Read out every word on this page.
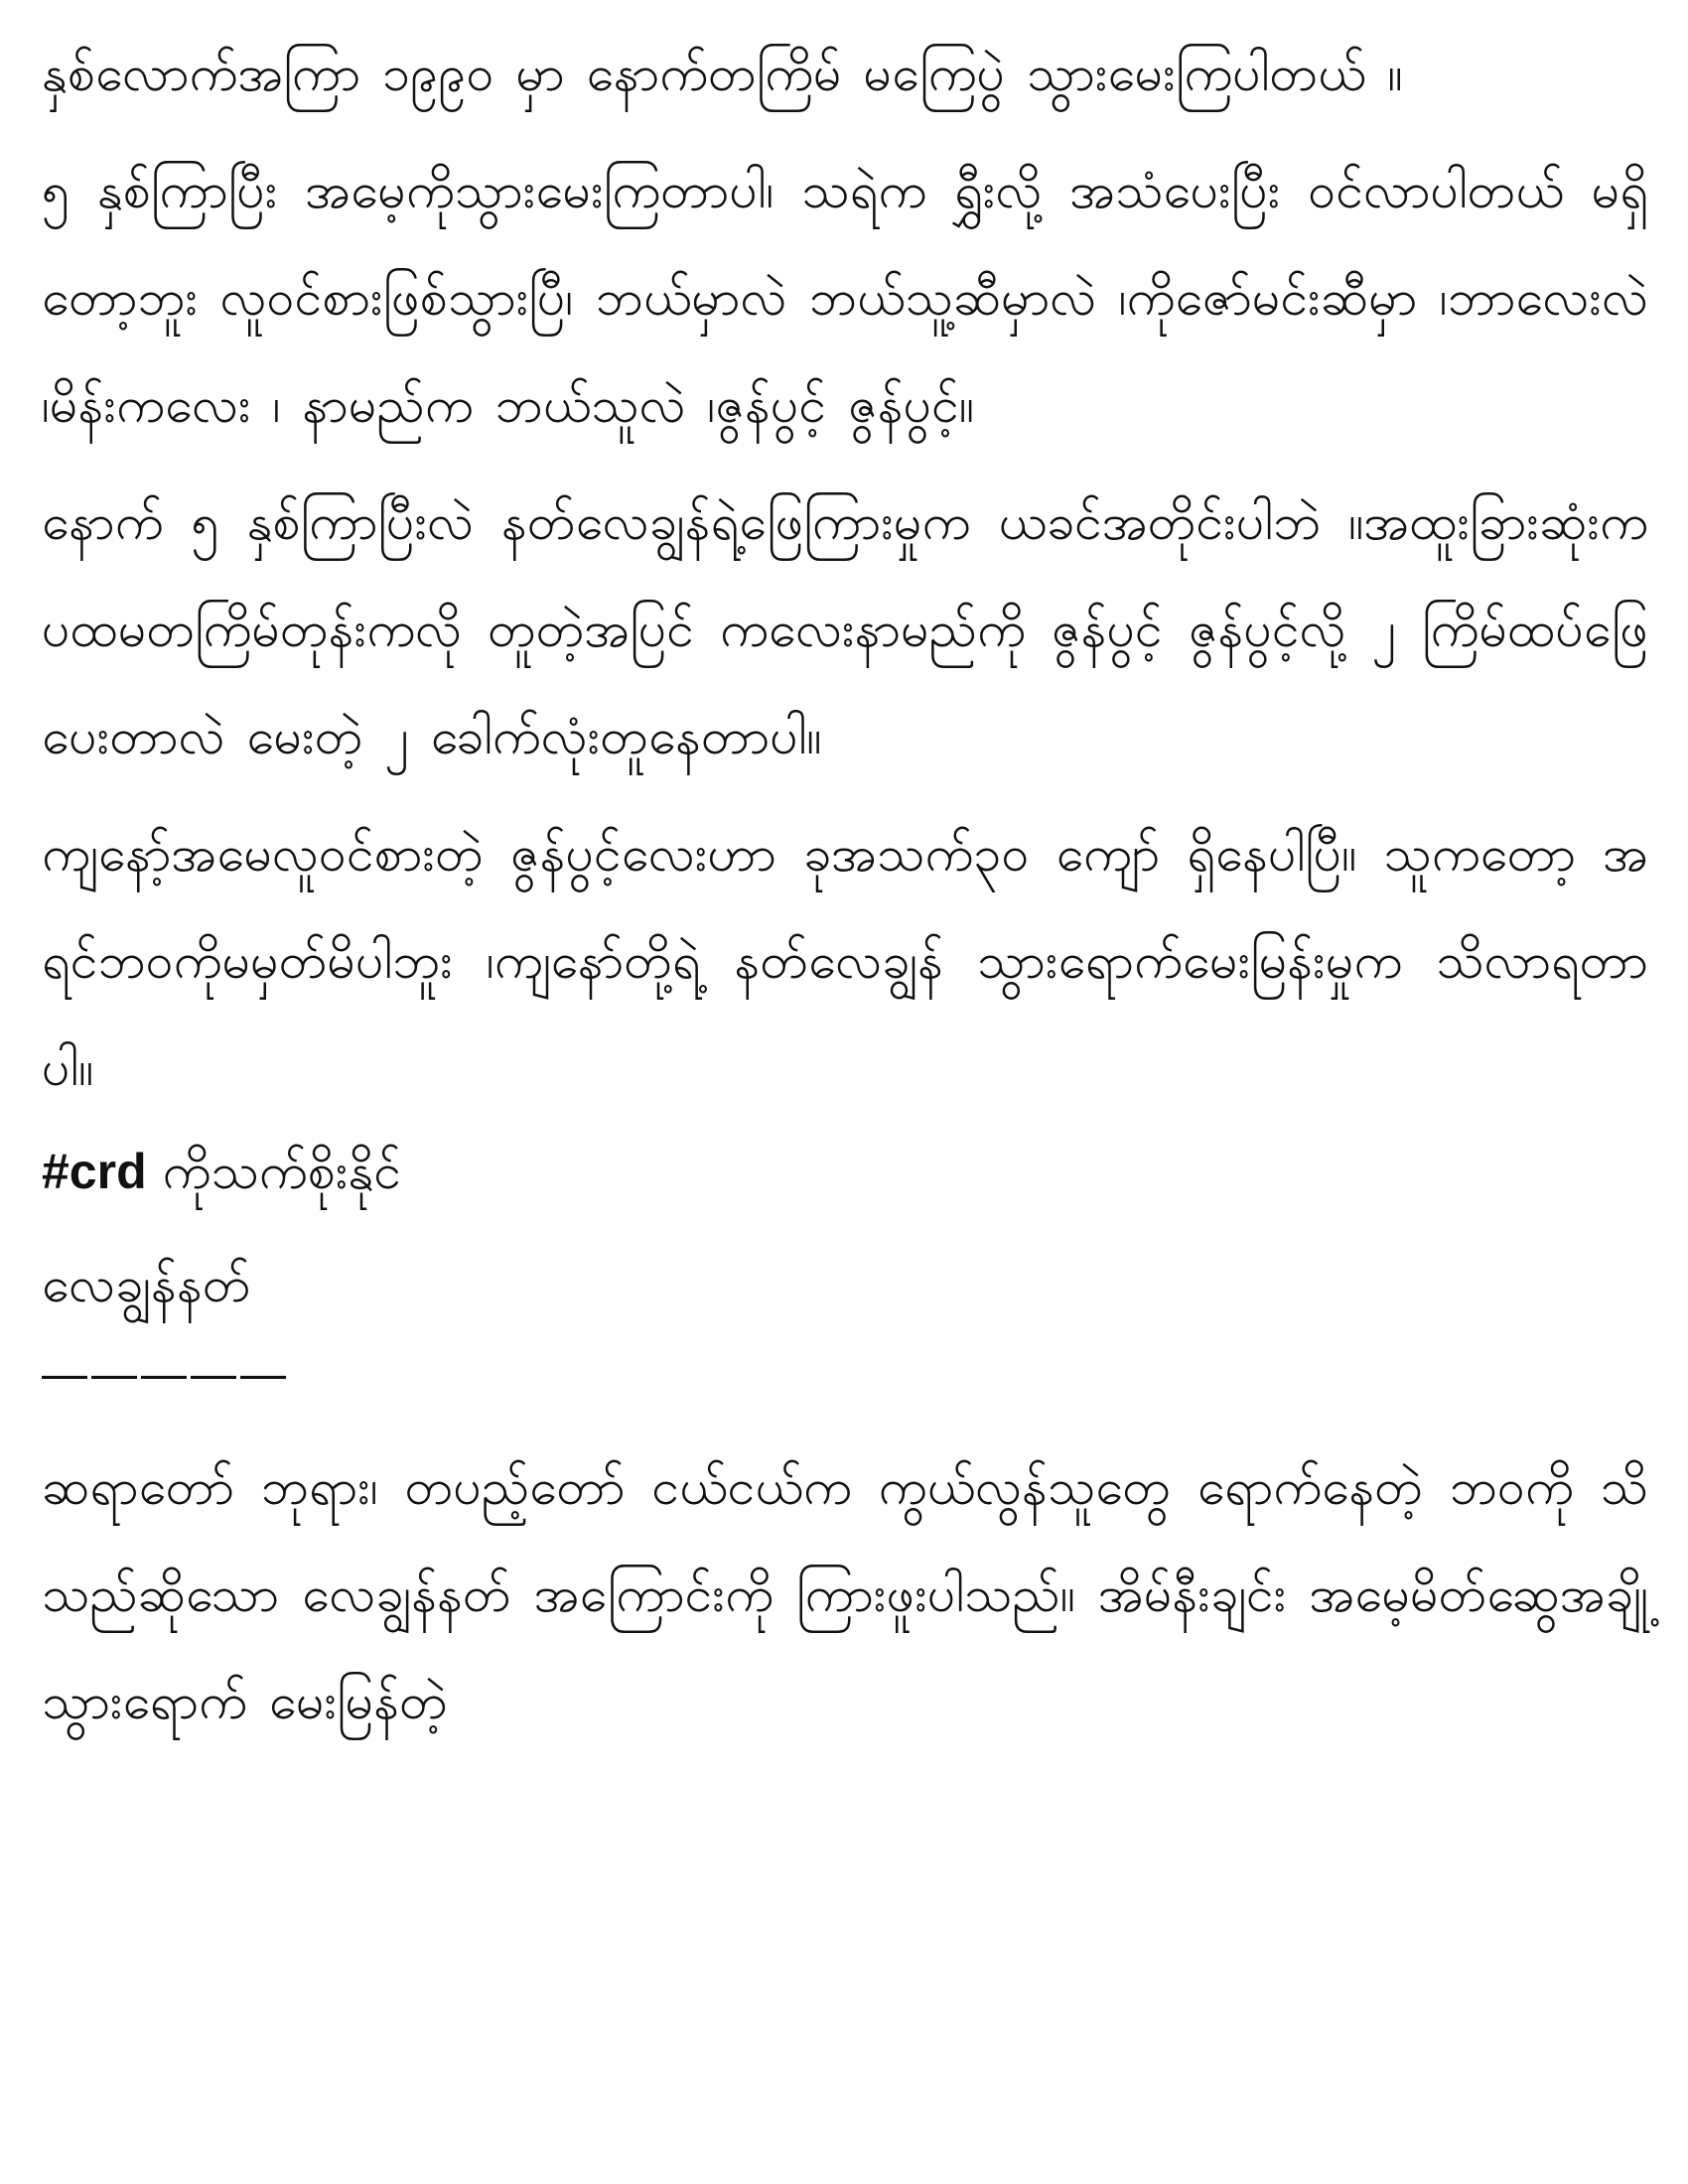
နှစ်လောက်အကြာ ၁၉၉၀ မှာ နောက်တကြိမ် မကြေပွဲ သွားမေးကြပါတယ် ။

၅ နှစ်ကြာပြီး အမေ့ကိုသွားမေးကြတာပါ၊ သရဲက ရွှီးလို့ အသံပေးပြီး ဝင်လာပါတယ် မရှိတော့ဘူး လူဝင်စားဖြစ်သွားပြီ၊ ဘယ်မှာလဲ ဘယ်သူ့ဆီမှာလဲ ၊ကိုဇော်မင်းဆီမှာ ၊ဘာလေးလဲ ၊မိန်းကလေး ၊ နာမည်က ဘယ်သူလဲ ၊ဇွန်ပွင့် ဇွန်ပွင့်။

နောက် ၅ နှစ်ကြာပြီးလဲ နတ်လေချွန်ရဲ့ဖြေကြားမှုက ယခင်အတိုင်းပါဘဲ ။အထူးခြားဆုံးက ပထမတကြိမ်တုန်းကလို တူတဲ့အပြင် ကလေးနာမည်ကို ဇွန်ပွင့် ဇွန်ပွင့်လို့ ၂ ကြိမ်ထပ်ဖြေပေးတာလဲ မေးတဲ့ ၂ ခေါက်လုံးတူနေတာပါ။

ကျနော့်အမေလူဝင်စားတဲ့ ဇွန်ပွင့်လေးဟာ ခုအသက်၃၀ ကျော် ရှိနေပါပြီ။ သူကတော့ အရင်ဘဝကိုမမှတ်မိပါဘူး ၊ကျနော်တို့ရဲ့ နတ်လေချွန် သွားရောက်မေးမြန်းမှုက သိလာရတာပါ။

#crd ကိုသက်စိုးနိုင်
လေချွန်နတ်
—————

ဆရာတော် ဘုရား၊ တပည့်တော် ငယ်ငယ်က ကွယ်လွန်သူတွေ ရောက်နေတဲ့ ဘဝကို သိသည်ဆိုသော လေချွန်နတ် အကြောင်းကို ကြားဖူးပါသည်။ အိမ်နီးချင်း အမေ့မိတ်ဆွေအချို့ သွားရောက် မေးမြန်တဲ့
